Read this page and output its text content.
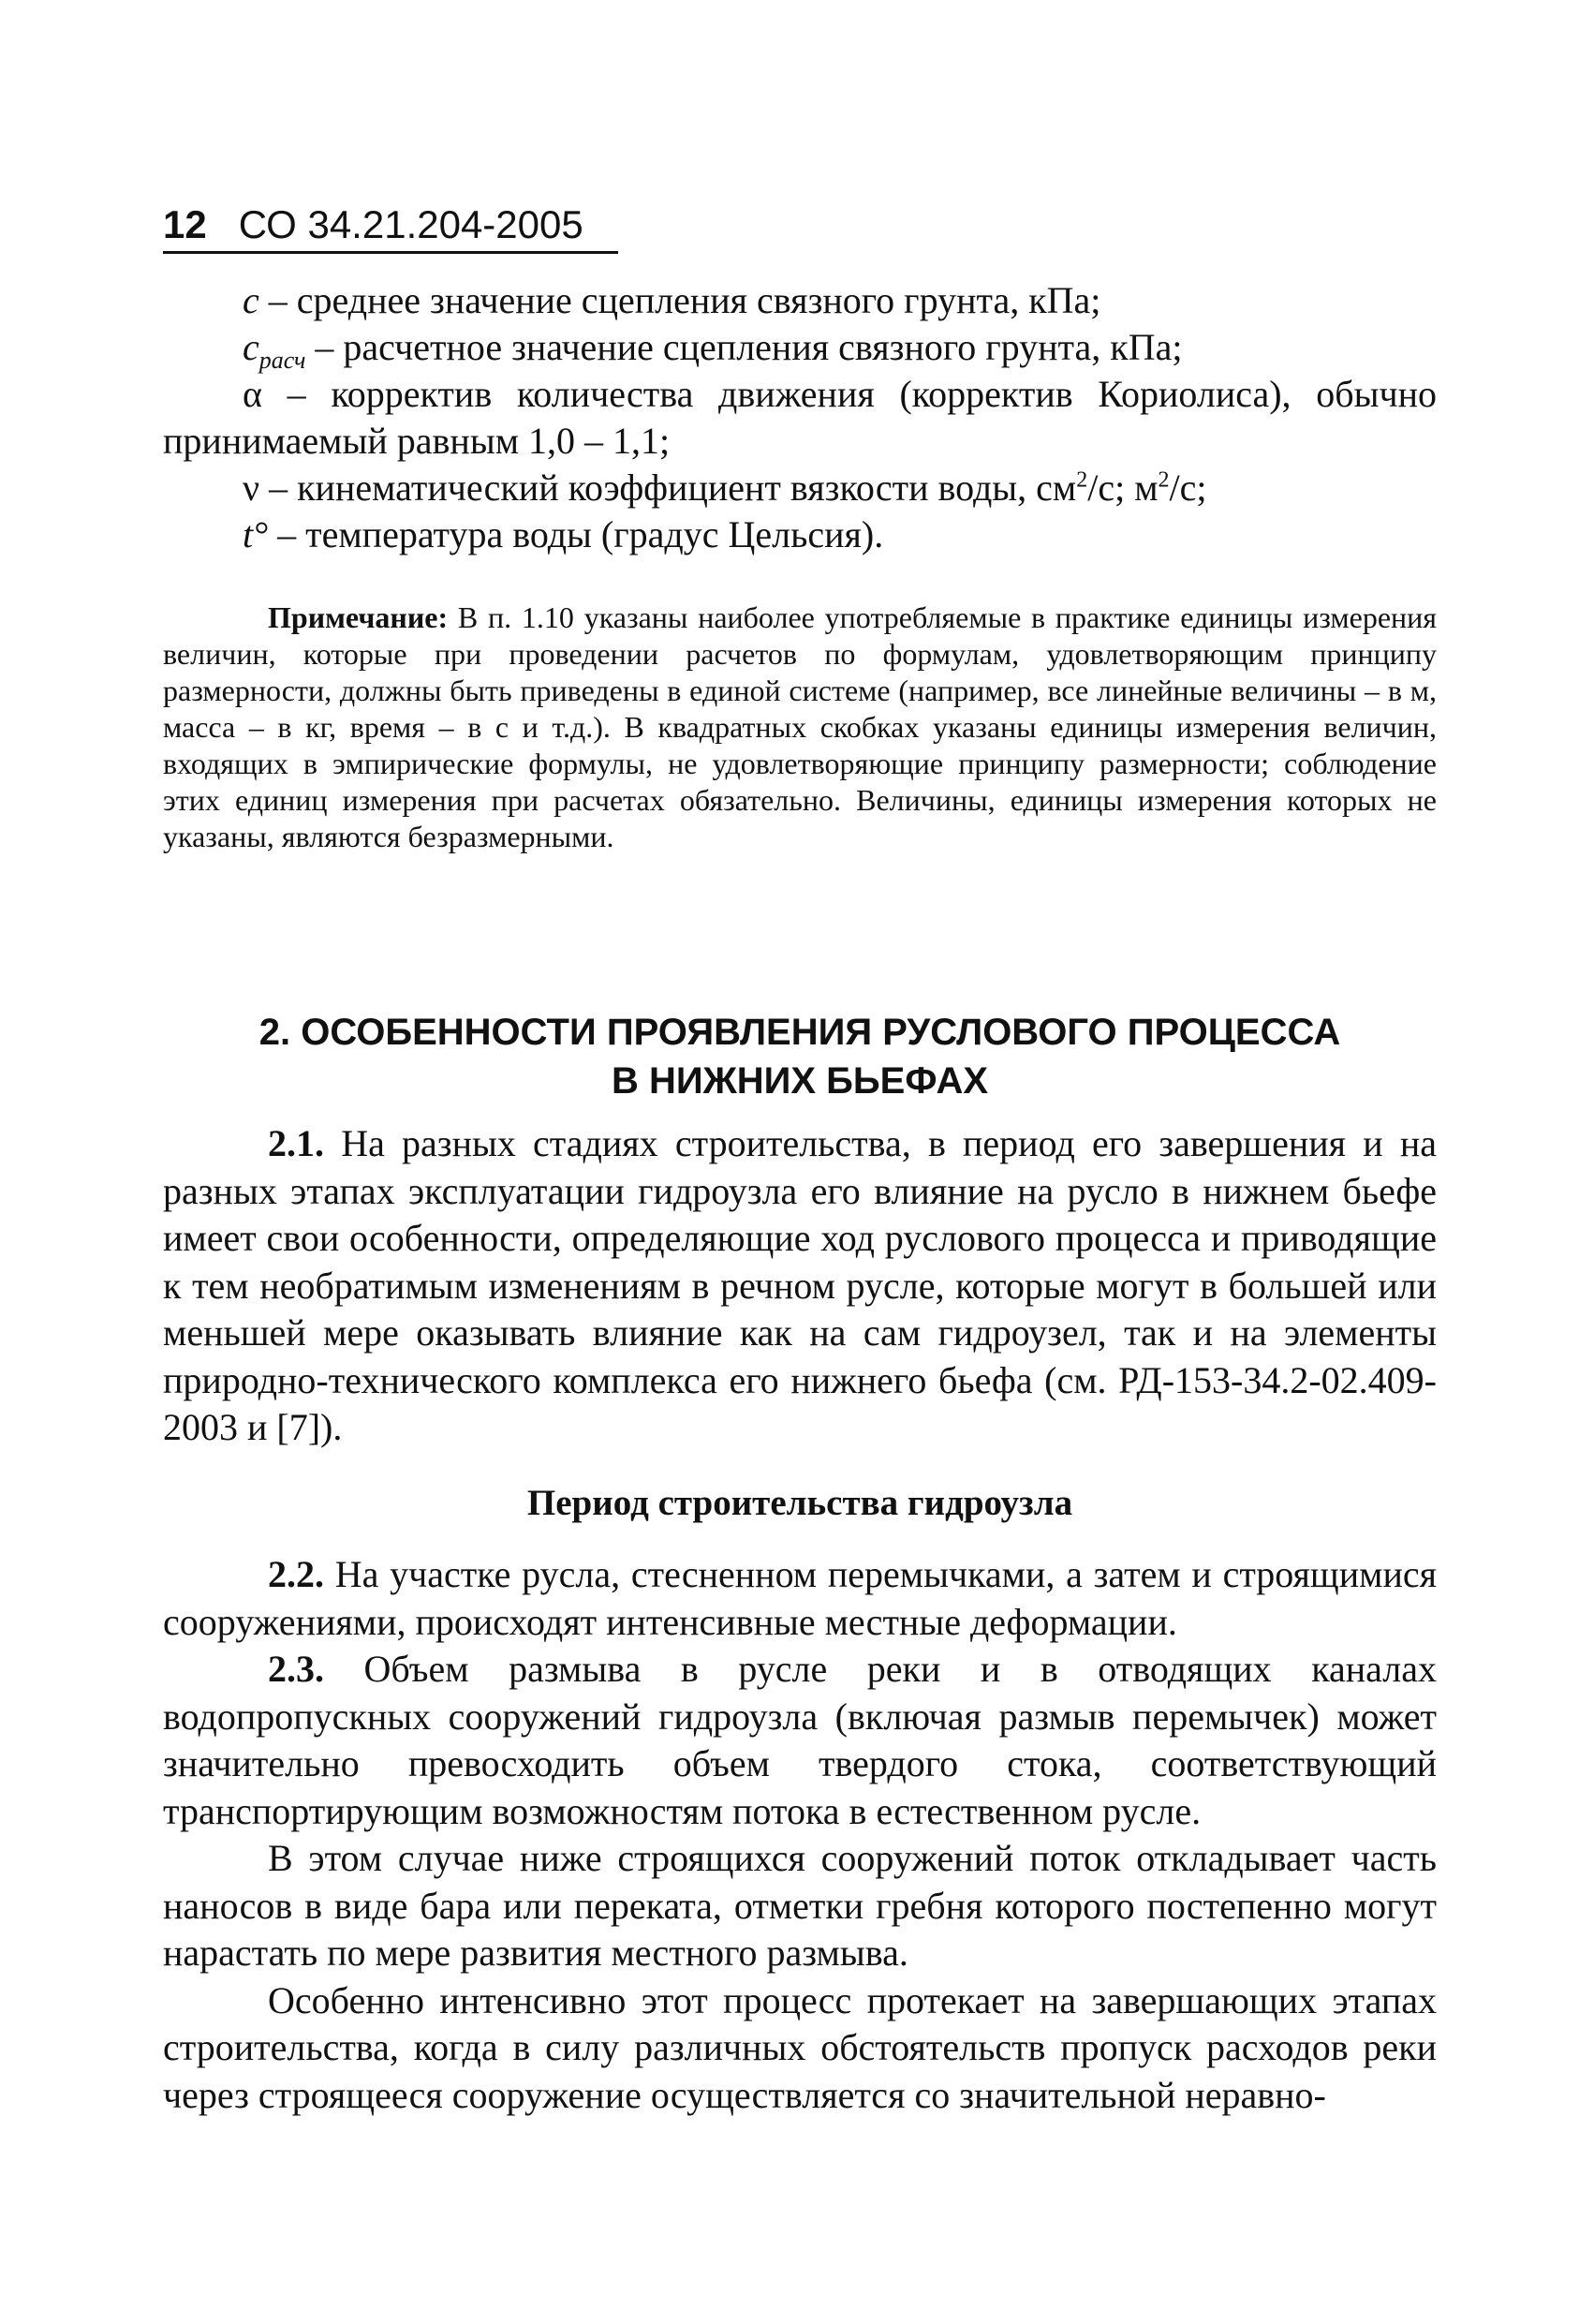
12 СО 34.21.204-2005
c – среднее значение сцепления связного грунта, кПа;
$c_{расч}$ – расчетное значение сцепления связного грунта, кПа;
α – корректив количества движения (корректив Кориолиса), обычно принимаемый равным 1,0 – 1,1;
ν – кинематический коэффициент вязкости воды, $см^2/с$; $м^2/с$;
t° – температура воды (градус Цельсия).
Примечание: В п. 1.10 указаны наиболее употребляемые в практике единицы измерения величин, которые при проведении расчетов по формулам, удовлетворяющим принципу размерности, должны быть приведены в единой системе (например, все линейные величины – в м, масса – в кг, время – в с и т.д.). В квадратных скобках указаны единицы измерения величин, входящих в эмпирические формулы, не удовлетворяющие принципу размерности; соблюдение этих единиц измерения при расчетах обязательно. Величины, единицы измерения которых не указаны, являются безразмерными.
2. ОСОБЕННОСТИ ПРОЯВЛЕНИЯ РУСЛОВОГО ПРОЦЕССА
В НИЖНИХ БЬЕФАХ

2.1. На разных стадиях строительства, в период его завершения и на разных этапах эксплуатации гидроузла его влияние на русло в нижнем бьефе имеет свои особенности, определяющие ход руслового процесса и приводящие к тем необратимым изменениям в речном русле, которые могут в большей или меньшей мере оказывать влияние как на сам гидроузел, так и на элементы природно-технического комплекса его нижнего бьефа (см. РД-153-34.2-02.409-2003 и [7]).

Период строительства гидроузла

2.2. На участке русла, стесненном перемычками, а затем и строящимися сооружениями, происходят интенсивные местные деформации.

2.3. Объем размыва в русле реки и в отводящих каналах водопропускных сооружений гидроузла (включая размыв перемычек) может значительно превосходить объем твердого стока, соответствующий транспортирующим возможностям потока в естественном русле.

В этом случае ниже строящихся сооружений поток откладывает часть наносов в виде бара или переката, отметки гребня которого постепенно могут нарастать по мере развития местного размыва.

Особенно интенсивно этот процесс протекает на завершающих этапах строительства, когда в силу различных обстоятельств пропуск расходов реки через строящееся сооружение осуществляется со значительной неравно-
